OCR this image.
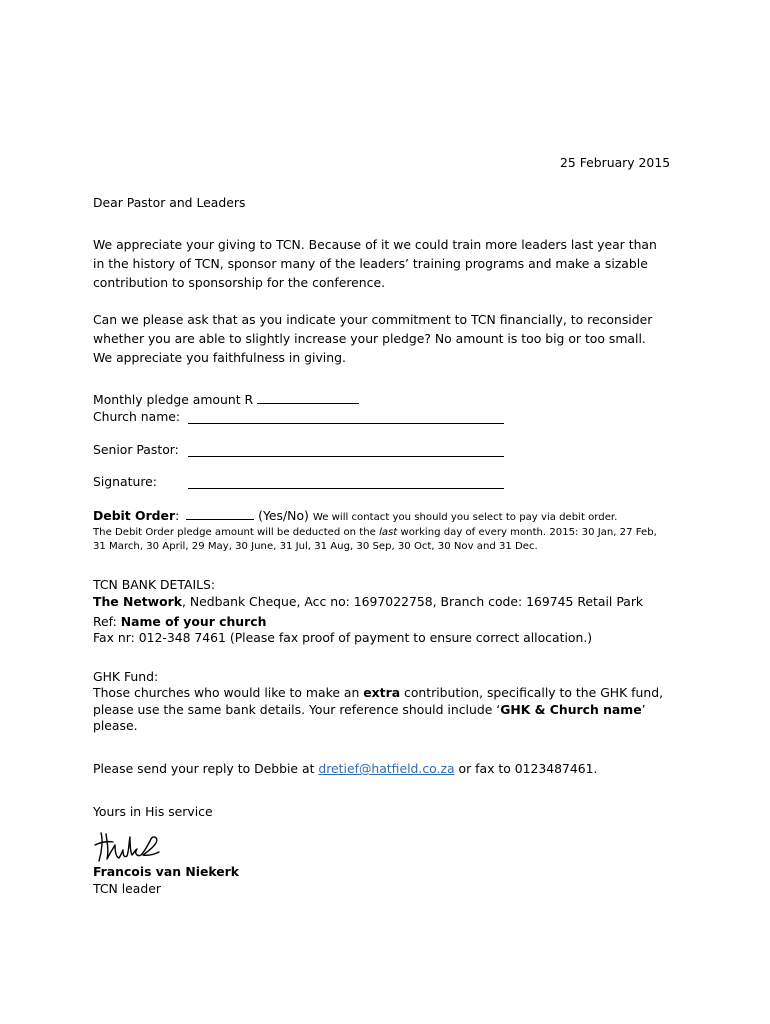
25 February 2015
Dear Pastor and Leaders
We appreciate your giving to TCN. Because of it we could train more leaders last year than
in the history of TCN, sponsor many of the leaders’ training programs and make a sizable
contribution to sponsorship for the conference.
Can we please ask that as you indicate your commitment to TCN financially, to reconsider
whether you are able to slightly increase your pledge? No amount is too big or too small.
We appreciate you faithfulness in giving.
Monthly pledge amount R
Church name:
Senior Pastor:
Signature:
Debit Order:	(Yes/No) We will contact you should you select to pay via debit order.
The Debit Order pledge amount will be deducted on the last working day of every month. 2015: 30 Jan, 27 Feb,
31 March, 30 April, 29 May, 30 June, 31 Jul, 31 Aug, 30 Sep, 30 Oct, 30 Nov and 31 Dec.
TCN BANK DETAILS:
The Network, Nedbank Cheque, Acc no: 1697022758, Branch code: 169745 Retail Park
Ref: Name of your church
Fax nr: 012-348 7461 (Please fax proof of payment to ensure correct allocation.)
GHK Fund:
Those churches who would like to make an extra contribution, specifically to the GHK fund,
please use the same bank details. Your reference should include ‘GHK & Church name’
please.
Please send your reply to Debbie at dretief@hatfield.co.za or fax to 0123487461.
Yours in His service
Francois van Niekerk
TCN leader
